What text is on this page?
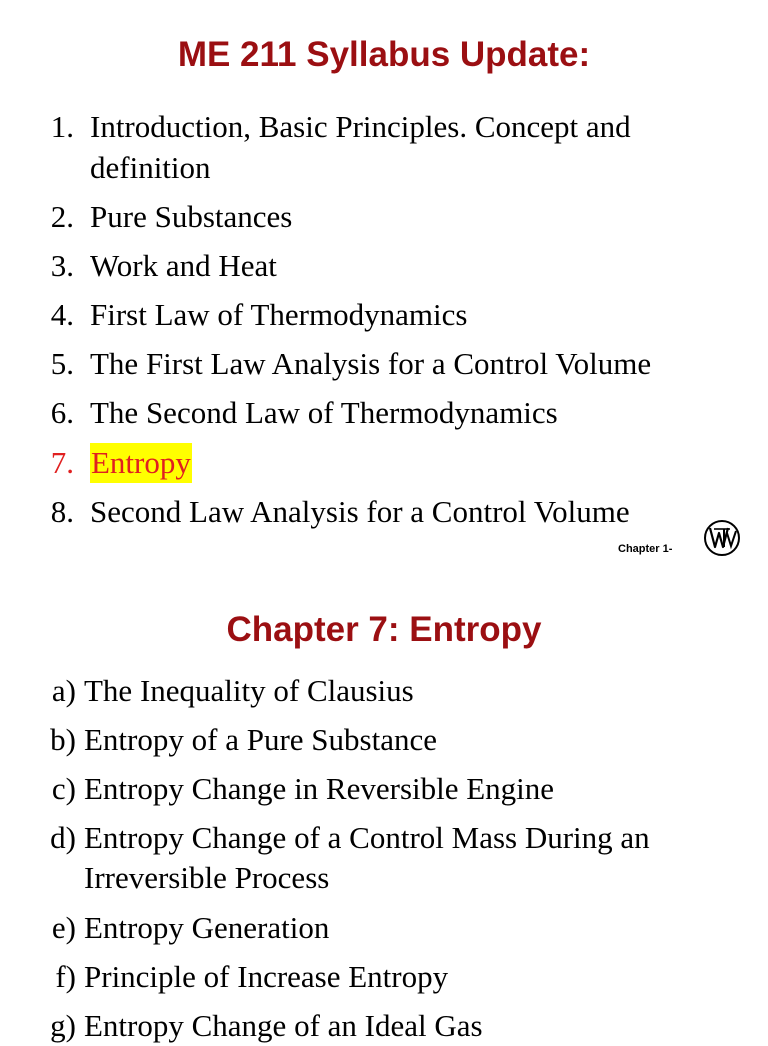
ME 211 Syllabus Update:
1. Introduction, Basic Principles. Concept and
definition
2. Pure Substances
3. Work and Heat
4. First Law of Thermodynamics
5. The First Law Analysis for a Control Volume
6. The Second Law of Thermodynamics
7. Entropy
8. Second Law Analysis for a Control Volume
Chapter 1-
Chapter 7: Entropy
a) The Inequality of Clausius
b) Entropy of a Pure Substance
c) Entropy Change in Reversible Engine
d) Entropy Change of a Control Mass During an
Irreversible Process
e) Entropy Generation
f) Principle of Increase Entropy
g) Entropy Change of an Ideal Gas
